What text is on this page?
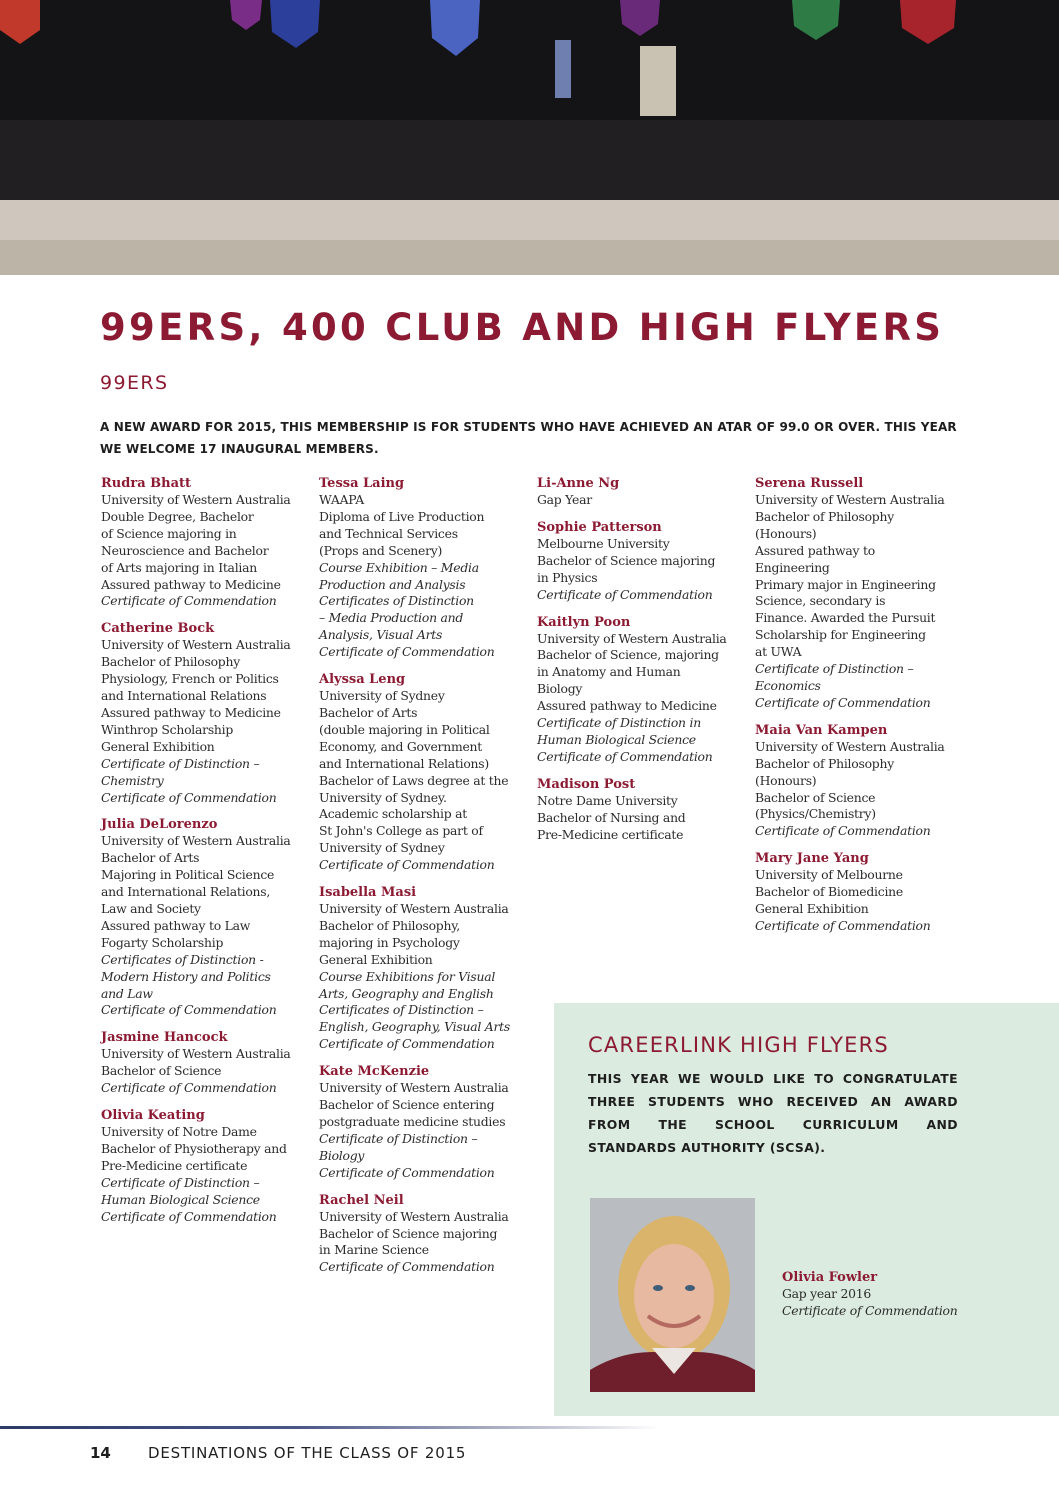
99ERS, 400 CLUB AND HIGH FLYERS
99ERS

A NEW AWARD FOR 2015, THIS MEMBERSHIP IS FOR STUDENTS WHO HAVE ACHIEVED AN ATAR OF 99.0 OR OVER. THIS YEAR WE WELCOME 17 INAUGURAL MEMBERS.

Rudra Bhatt
University of Western Australia
Double Degree, Bachelor
of Science majoring in
Neuroscience and Bachelor
of Arts majoring in Italian
Assured pathway to Medicine
Certificate of Commendation
Catherine Bock
University of Western Australia
Bachelor of Philosophy
Physiology, French or Politics
and International Relations
Assured pathway to Medicine
Winthrop Scholarship
General Exhibition
Certificate of Distinction –
Chemistry
Certificate of Commendation
Julia DeLorenzo
University of Western Australia
Bachelor of Arts
Majoring in Political Science
and International Relations,
Law and Society
Assured pathway to Law
Fogarty Scholarship
Certificates of Distinction -
Modern History and Politics
and Law
Certificate of Commendation
Jasmine Hancock
University of Western Australia
Bachelor of Science
Certificate of Commendation
Olivia Keating
University of Notre Dame
Bachelor of Physiotherapy and
Pre-Medicine certificate
Certificate of Distinction –
Human Biological Science
Certificate of Commendation
Tessa Laing
WAAPA
Diploma of Live Production
and Technical Services
(Props and Scenery)
Course Exhibition – Media
Production and Analysis
Certificates of Distinction
– Media Production and
Analysis, Visual Arts
Certificate of Commendation
Alyssa Leng
University of Sydney
Bachelor of Arts
(double majoring in Political
Economy, and Government
and International Relations)
Bachelor of Laws degree at the
University of Sydney.
Academic scholarship at
St John's College as part of
University of Sydney
Certificate of Commendation
Isabella Masi
University of Western Australia
Bachelor of Philosophy,
majoring in Psychology
General Exhibition
Course Exhibitions for Visual
Arts, Geography and English
Certificates of Distinction –
English, Geography, Visual Arts
Certificate of Commendation
Kate McKenzie
University of Western Australia
Bachelor of Science entering
postgraduate medicine studies
Certificate of Distinction –
Biology
Certificate of Commendation
Rachel Neil
University of Western Australia
Bachelor of Science majoring
in Marine Science
Certificate of Commendation
Li-Anne Ng
Gap Year
Sophie Patterson
Melbourne University
Bachelor of Science majoring
in Physics
Certificate of Commendation
Kaitlyn Poon
University of Western Australia
Bachelor of Science, majoring
in Anatomy and Human
Biology
Assured pathway to Medicine
Certificate of Distinction in
Human Biological Science
Certificate of Commendation
Madison Post
Notre Dame University
Bachelor of Nursing and
Pre-Medicine certificate
Serena Russell
University of Western Australia
Bachelor of Philosophy
(Honours)
Assured pathway to
Engineering
Primary major in Engineering
Science, secondary is
Finance. Awarded the Pursuit
Scholarship for Engineering
at UWA
Certificate of Distinction –
Economics
Certificate of Commendation
Maia Van Kampen
University of Western Australia
Bachelor of Philosophy
(Honours)
Bachelor of Science
(Physics/Chemistry)
Certificate of Commendation
Mary Jane Yang
University of Melbourne
Bachelor of Biomedicine
General Exhibition
Certificate of Commendation
CAREERLINK HIGH FLYERS

THIS YEAR WE WOULD LIKE TO CONGRATULATE THREE STUDENTS WHO RECEIVED AN AWARD FROM THE SCHOOL CURRICULUM AND STANDARDS AUTHORITY (SCSA).

Olivia Fowler
Gap year 2016
Certificate of Commendation
14 DESTINATIONS OF THE CLASS OF 2015
